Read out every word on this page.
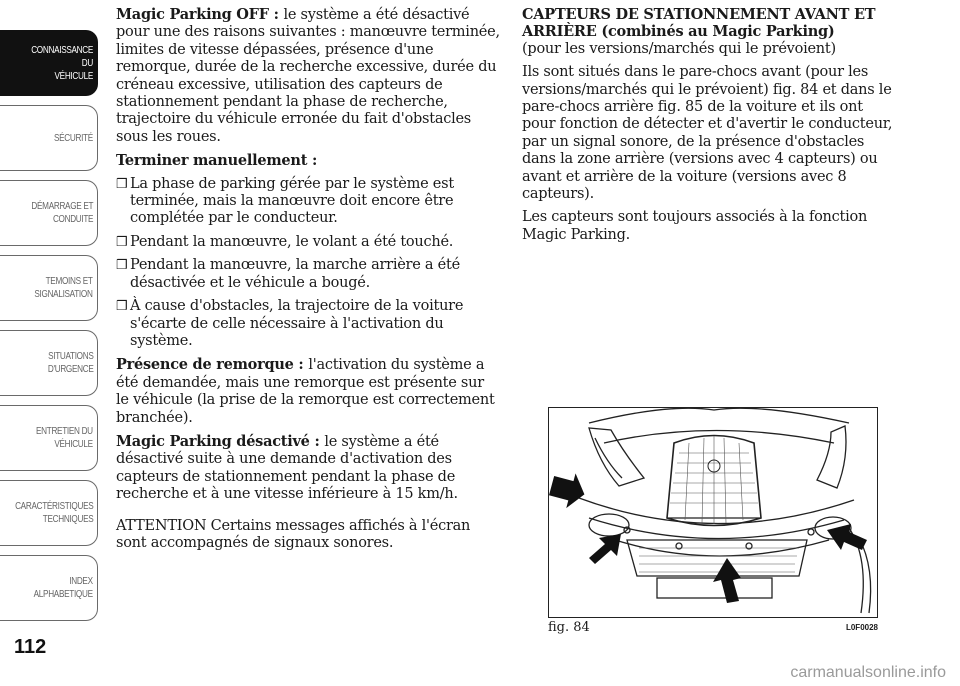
CONNAISSANCE DU
VÉHICULE
SÉCURITÉ
DÉMARRAGE ET
CONDUITE
TEMOINS ET
SIGNALISATION
SITUATIONS
D'URGENCE
ENTRETIEN DU
VÉHICULE
CARACTÉRISTIQUES
TECHNIQUES
INDEX
ALPHABETIQUE
112

Magic Parking OFF : le système a été désactivé pour une des raisons suivantes : manœuvre terminée, limites de vitesse dépassées, présence d'une remorque, durée de la recherche excessive, durée du créneau excessive, utilisation des capteurs de stationnement pendant la phase de recherche, trajectoire du véhicule erronée du fait d'obstacles sous les roues.

Terminer manuellement :
❒ La phase de parking gérée par le système est terminée, mais la manœuvre doit encore être complétée par le conducteur.
❒ Pendant la manœuvre, le volant a été touché.
❒ Pendant la manœuvre, la marche arrière a été désactivée et le véhicule a bougé.
❒ À cause d'obstacles, la trajectoire de la voiture s'écarte de celle nécessaire à l'activation du système.

Présence de remorque : l'activation du système a été demandée, mais une remorque est présente sur le véhicule (la prise de la remorque est correctement branchée).

Magic Parking désactivé : le système a été désactivé suite à une demande d'activation des capteurs de stationnement pendant la phase de recherche et à une vitesse inférieure à 15 km/h.

ATTENTION Certains messages affichés à l'écran sont accompagnés de signaux sonores.

CAPTEURS DE STATIONNEMENT AVANT ET ARRIÈRE (combinés au Magic Parking)

(pour les versions/marchés qui le prévoient)

Ils sont situés dans le pare-chocs avant (pour les versions/marchés qui le prévoient) fig. 84 et dans le pare-chocs arrière fig. 85 de la voiture et ils ont pour fonction de détecter et d'avertir le conducteur, par un signal sonore, de la présence d'obstacles dans la zone arrière (versions avec 4 capteurs) ou avant et arrière de la voiture (versions avec 8 capteurs).

Les capteurs sont toujours associés à la fonction Magic Parking.

fig. 84	L0F0028
carmanualsonline.info
